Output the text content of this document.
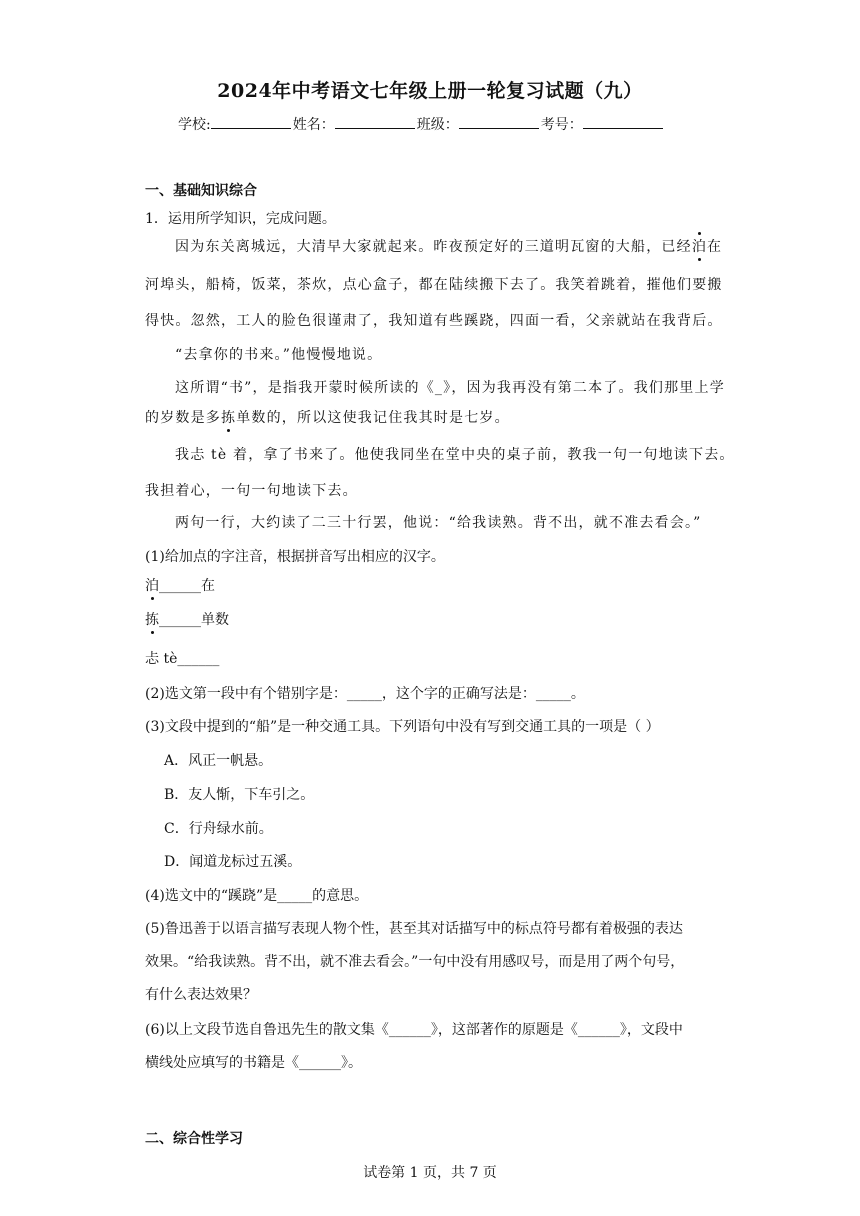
2024年中考语文七年级上册一轮复习试题（九）
学校:	姓名：	班级：	考号：
一、基础知识综合
1．运用所学知识，完成问题。
因为东关离城远，大清早大家就起来。昨夜预定好的三道明瓦窗的大船，已经泊在
河埠头，船椅，饭菜，茶炊，点心盒子，都在陆续搬下去了。我笑着跳着，摧他们要搬
得快。忽然，工人的脸色很谨肃了，我知道有些蹊跷，四面一看，父亲就站在我背后。
“去拿你的书来。”他慢慢地说。
这所谓“书”，是指我开蒙时候所读的《_》，因为我再没有第二本了。我们那里上学
的岁数是多拣单数的，所以这使我记住我其时是七岁。
我忐 tè 着，拿了书来了。他使我同坐在堂中央的桌子前，教我一句一句地读下去。
我担着心，一句一句地读下去。
两句一行，大约读了二三十行罢，他说：“给我读熟。背不出，就不准去看会。”
(1)给加点的字注音，根据拼音写出相应的汉字。
泊______在
拣______单数
忐 tè______
(2)选文第一段中有个错别字是：_____，这个字的正确写法是：_____。
(3)文段中提到的“船”是一种交通工具。下列语句中没有写到交通工具的一项是（ ）
A．风正一帆悬。
B．友人惭，下车引之。
C．行舟绿水前。
D．闻道龙标过五溪。
(4)选文中的“蹊跷”是_____的意思。
(5)鲁迅善于以语言描写表现人物个性，甚至其对话描写中的标点符号都有着极强的表达
效果。“给我读熟。背不出，就不准去看会。”一句中没有用感叹号，而是用了两个句号，
有什么表达效果？
(6)以上文段节选自鲁迅先生的散文集《______》，这部著作的原题是《______》，文段中
横线处应填写的书籍是《______》。
二、综合性学习
试卷第 1 页，共 7 页
